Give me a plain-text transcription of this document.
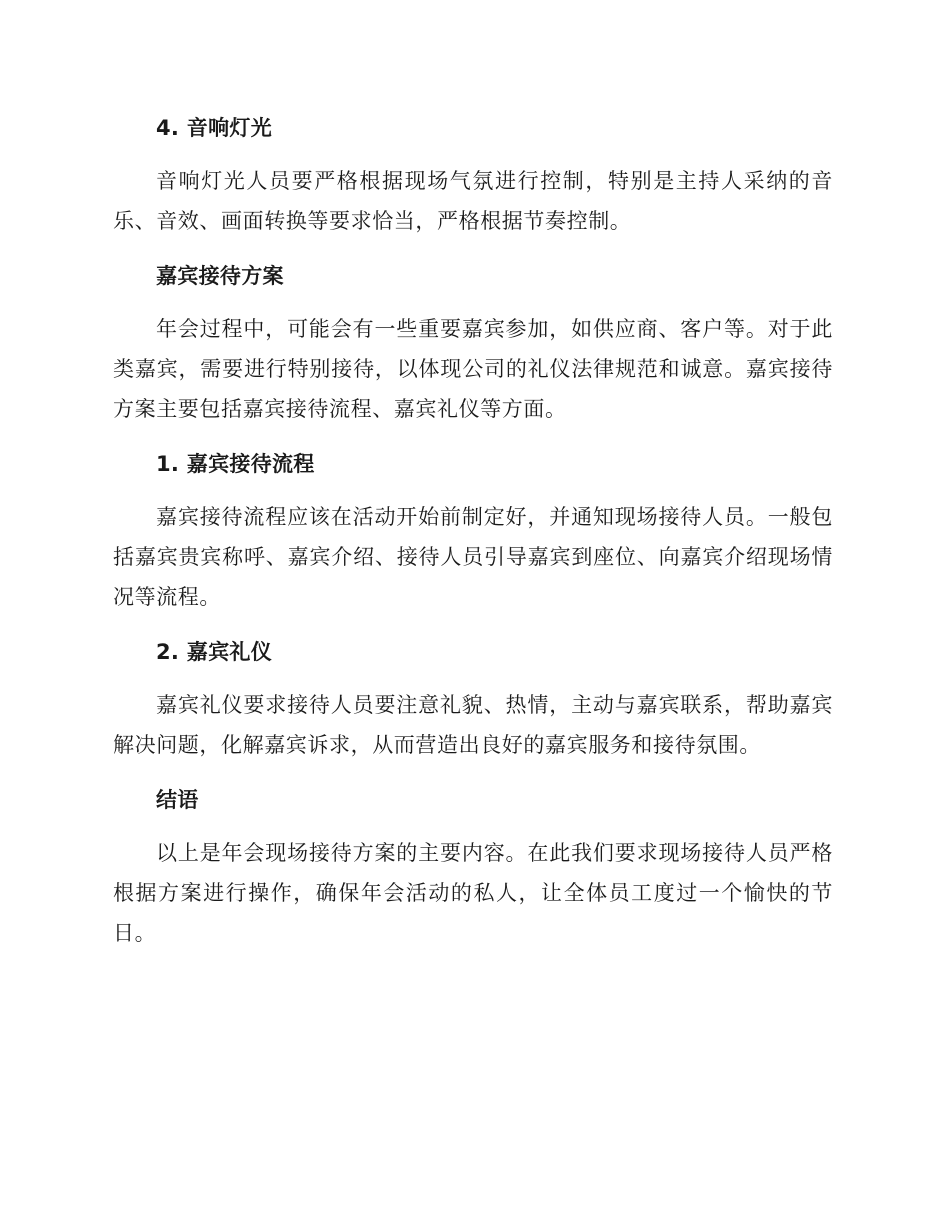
4. 音响灯光

音响灯光人员要严格根据现场气氛进行控制，特别是主持人采纳的音乐、音效、画面转换等要求恰当，严格根据节奏控制。

嘉宾接待方案

年会过程中，可能会有一些重要嘉宾参加，如供应商、客户等。对于此类嘉宾，需要进行特别接待，以体现公司的礼仪法律规范和诚意。嘉宾接待方案主要包括嘉宾接待流程、嘉宾礼仪等方面。

1. 嘉宾接待流程

嘉宾接待流程应该在活动开始前制定好，并通知现场接待人员。一般包括嘉宾贵宾称呼、嘉宾介绍、接待人员引导嘉宾到座位、向嘉宾介绍现场情况等流程。

2. 嘉宾礼仪

嘉宾礼仪要求接待人员要注意礼貌、热情，主动与嘉宾联系，帮助嘉宾解决问题，化解嘉宾诉求，从而营造出良好的嘉宾服务和接待氛围。

结语

以上是年会现场接待方案的主要内容。在此我们要求现场接待人员严格根据方案进行操作，确保年会活动的私人，让全体员工度过一个愉快的节日。
